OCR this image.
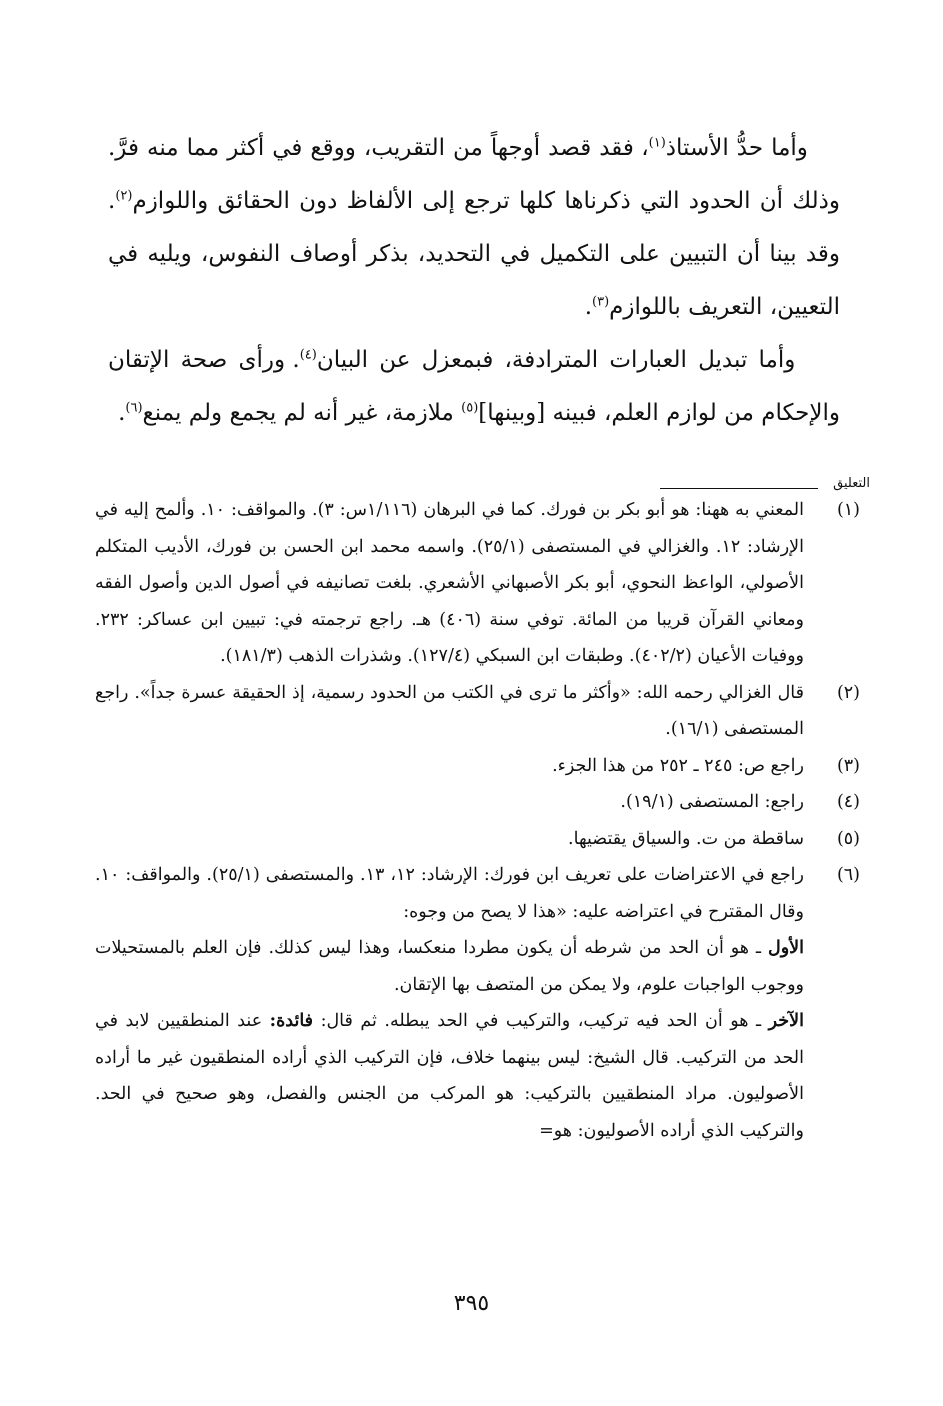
وأما حدُّ الأستاذ$^{(١)}$، فقد قصد أوجهاً من التقريب، ووقع في أكثر مما منه فرَّ. وذلك أن الحدود التي ذكرناها كلها ترجع إلى الألفاظ دون الحقائق واللوازم$^{(٢)}$. وقد بينا أن التبيين على التكميل في التحديد، بذكر أوصاف النفوس، ويليه في التعيين، التعريف باللوازم$^{(٣)}$.

وأما تبديل العبارات المترادفة، فبمعزل عن البيان$^{(٤)}$. ورأى صحة الإتقان والإحكام من لوازم العلم، فبينه [وبينها]$^{(٥)}$ ملازمة، غير أنه لم يجمع ولم يمنع$^{(٦)}$.

التعليق
(١)
المعني به ههنا: هو أبو بكر بن فورك. كما في البرهان (١/١١٦س: ٣). والمواقف: ١٠. وألمح إليه في الإرشاد: ١٢. والغزالي في المستصفى (٢٥/١). واسمه محمد ابن الحسن بن فورك، الأديب المتكلم الأصولي، الواعظ النحوي، أبو بكر الأصبهاني الأشعري. بلغت تصانيفه في أصول الدين وأصول الفقه ومعاني القرآن قريبا من المائة. توفي سنة (٤٠٦) هـ. راجع ترجمته في: تبيين ابن عساكر: ٢٣٢. ووفيات الأعيان (٤٠٢/٢). وطبقات ابن السبكي (١٢٧/٤). وشذرات الذهب (١٨١/٣).
(٢)
قال الغزالي رحمه الله: «وأكثر ما ترى في الكتب من الحدود رسمية، إذ الحقيقة عسرة جداً». راجع المستصفى (١٦/١).
(٣)
راجع ص: ٢٤٥ ـ ٢٥٢ من هذا الجزء.
(٤)
راجع: المستصفى (١٩/١).
(٥)
ساقطة من ت. والسياق يقتضيها.
(٦)
راجع في الاعتراضات على تعريف ابن فورك: الإرشاد: ١٢، ١٣. والمستصفى (٢٥/١). والمواقف: ١٠. وقال المقترح في اعتراضه عليه: «هذا لا يصح من وجوه:
الأول ـ هو أن الحد من شرطه أن يكون مطردا منعكسا، وهذا ليس كذلك. فإن العلم بالمستحيلات ووجوب الواجبات علوم، ولا يمكن من المتصف بها الإتقان.
الآخر ـ هو أن الحد فيه تركيب، والتركيب في الحد يبطله. ثم قال: فائدة: عند المنطقيين لابد في الحد من التركيب. قال الشيخ: ليس بينهما خلاف، فإن التركيب الذي أراده المنطقيون غير ما أراده الأصوليون. مراد المنطقيين بالتركيب: هو المركب من الجنس والفصل، وهو صحيح في الحد. والتركيب الذي أراده الأصوليون: هو=
٣٩٥
